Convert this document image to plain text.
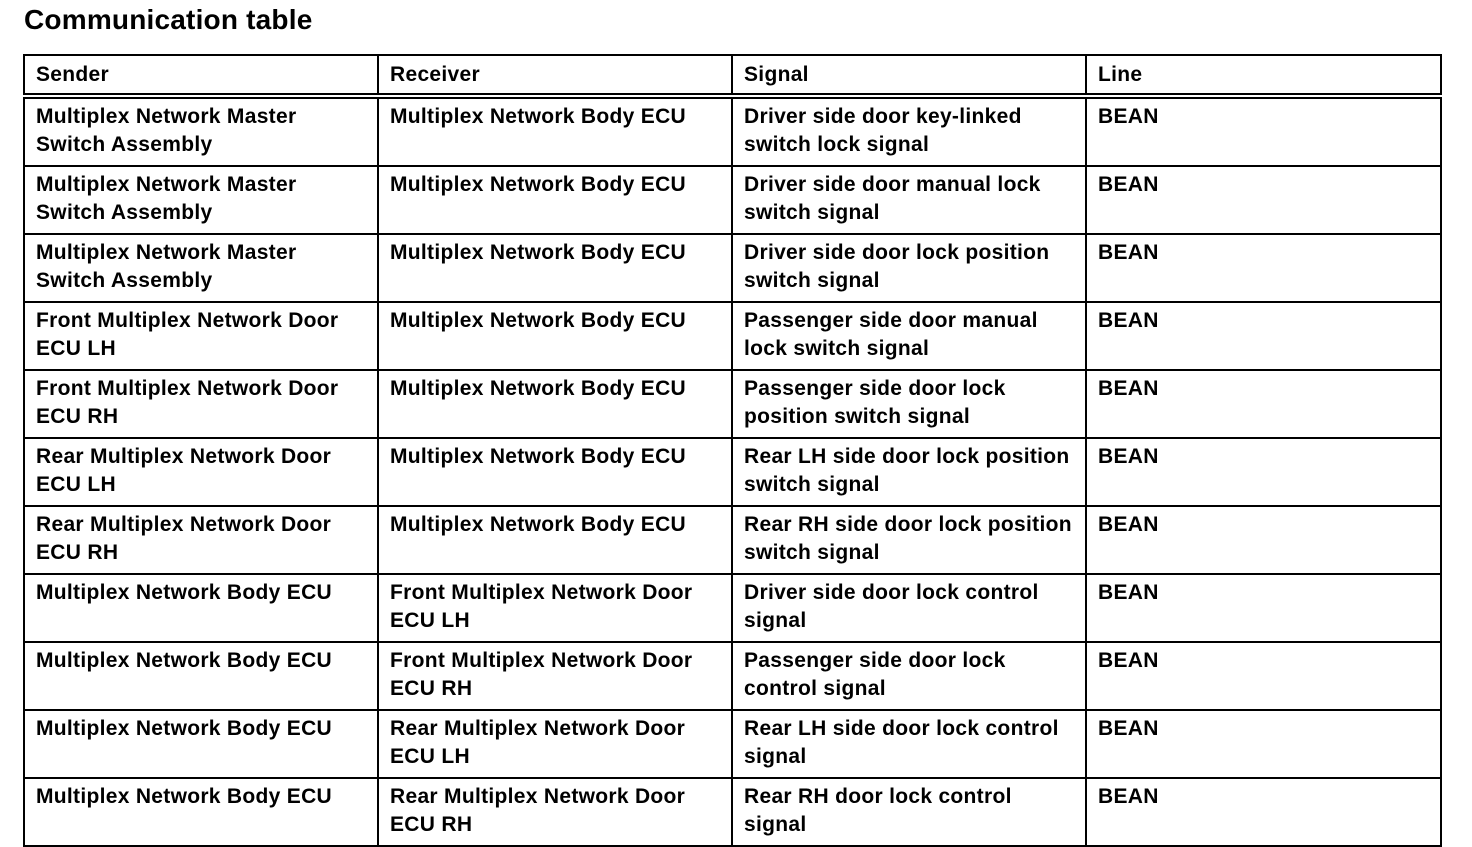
Communication table
Sender	Receiver	Signal	Line
Multiplex Network Master Switch Assembly	Multiplex Network Body ECU	Driver side door key-linked switch lock signal	BEAN
Multiplex Network Master Switch Assembly	Multiplex Network Body ECU	Driver side door manual lock switch signal	BEAN
Multiplex Network Master Switch Assembly	Multiplex Network Body ECU	Driver side door lock position switch signal	BEAN
Front Multiplex Network Door ECU LH	Multiplex Network Body ECU	Passenger side door manual lock switch signal	BEAN
Front Multiplex Network Door ECU RH	Multiplex Network Body ECU	Passenger side door lock position switch signal	BEAN
Rear Multiplex Network Door ECU LH	Multiplex Network Body ECU	Rear LH side door lock position switch signal	BEAN
Rear Multiplex Network Door ECU RH	Multiplex Network Body ECU	Rear RH side door lock position switch signal	BEAN
Multiplex Network Body ECU	Front Multiplex Network Door ECU LH	Driver side door lock control signal	BEAN
Multiplex Network Body ECU	Front Multiplex Network Door ECU RH	Passenger side door lock control signal	BEAN
Multiplex Network Body ECU	Rear Multiplex Network Door ECU LH	Rear LH side door lock control signal	BEAN
Multiplex Network Body ECU	Rear Multiplex Network Door ECU RH	Rear RH door lock control signal	BEAN
